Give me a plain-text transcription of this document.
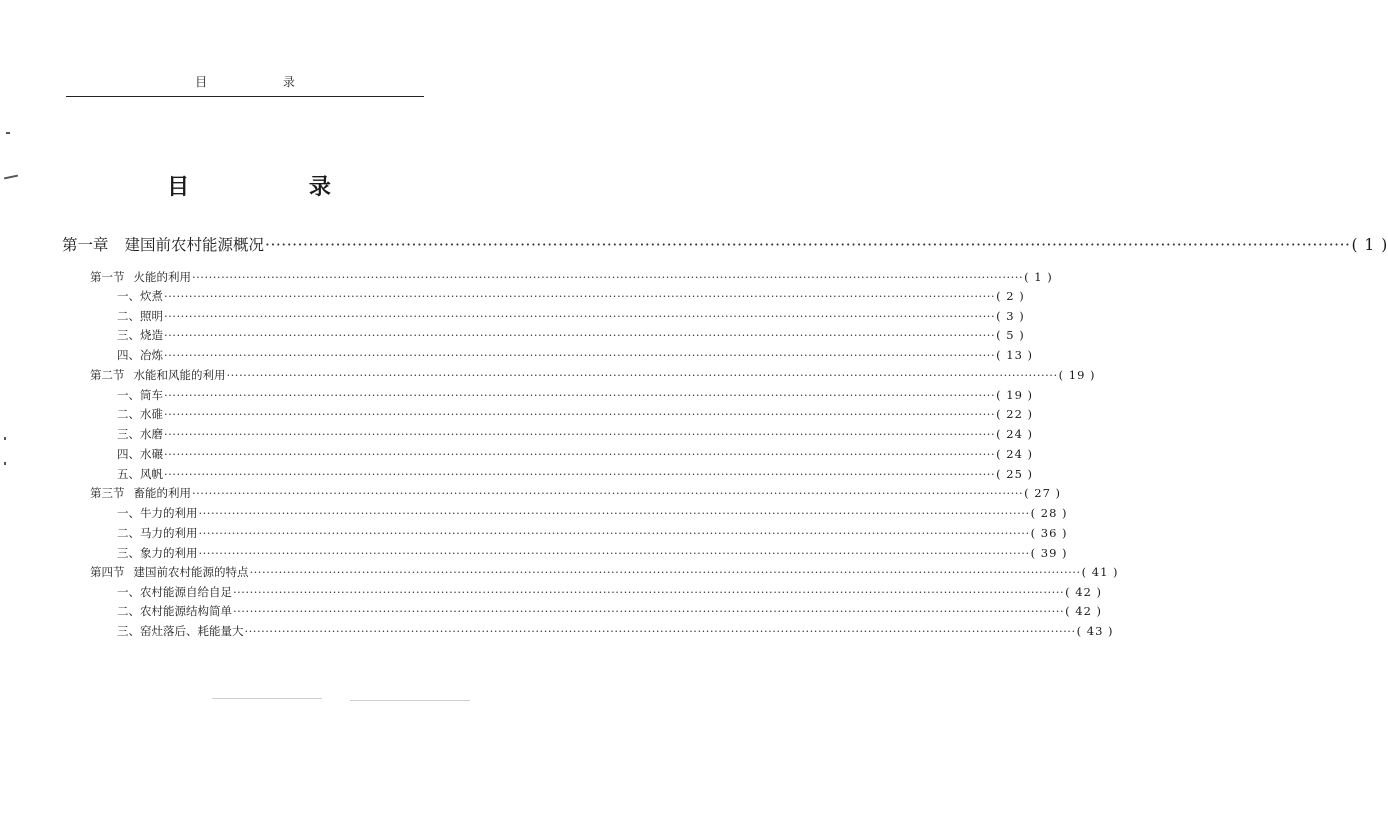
目 录
目 录
第一章 建国前农村能源概况 ········································································································································································································ ( 1 )
第一节 火能的利用 ········································································································································································································ ( 1 )
一、炊煮 ········································································································································································································ ( 2 )
二、照明 ········································································································································································································ ( 3 )
三、烧造 ········································································································································································································ ( 5 )
四、冶炼 ········································································································································································································ ( 13 )
第二节 水能和风能的利用 ········································································································································································································ ( 19 )
一、筒车 ········································································································································································································ ( 19 )
二、水碓 ········································································································································································································ ( 22 )
三、水磨 ········································································································································································································ ( 24 )
四、水碾 ········································································································································································································ ( 24 )
五、风帆 ········································································································································································································ ( 25 )
第三节 畜能的利用 ········································································································································································································ ( 27 )
一、牛力的利用 ········································································································································································································ ( 28 )
二、马力的利用 ········································································································································································································ ( 36 )
三、象力的利用 ········································································································································································································ ( 39 )
第四节 建国前农村能源的特点 ········································································································································································································ ( 41 )
一、农村能源自给自足 ········································································································································································································ ( 42 )
二、农村能源结构简单 ········································································································································································································ ( 42 )
三、窑灶落后、耗能量大 ········································································································································································································ ( 43 )
